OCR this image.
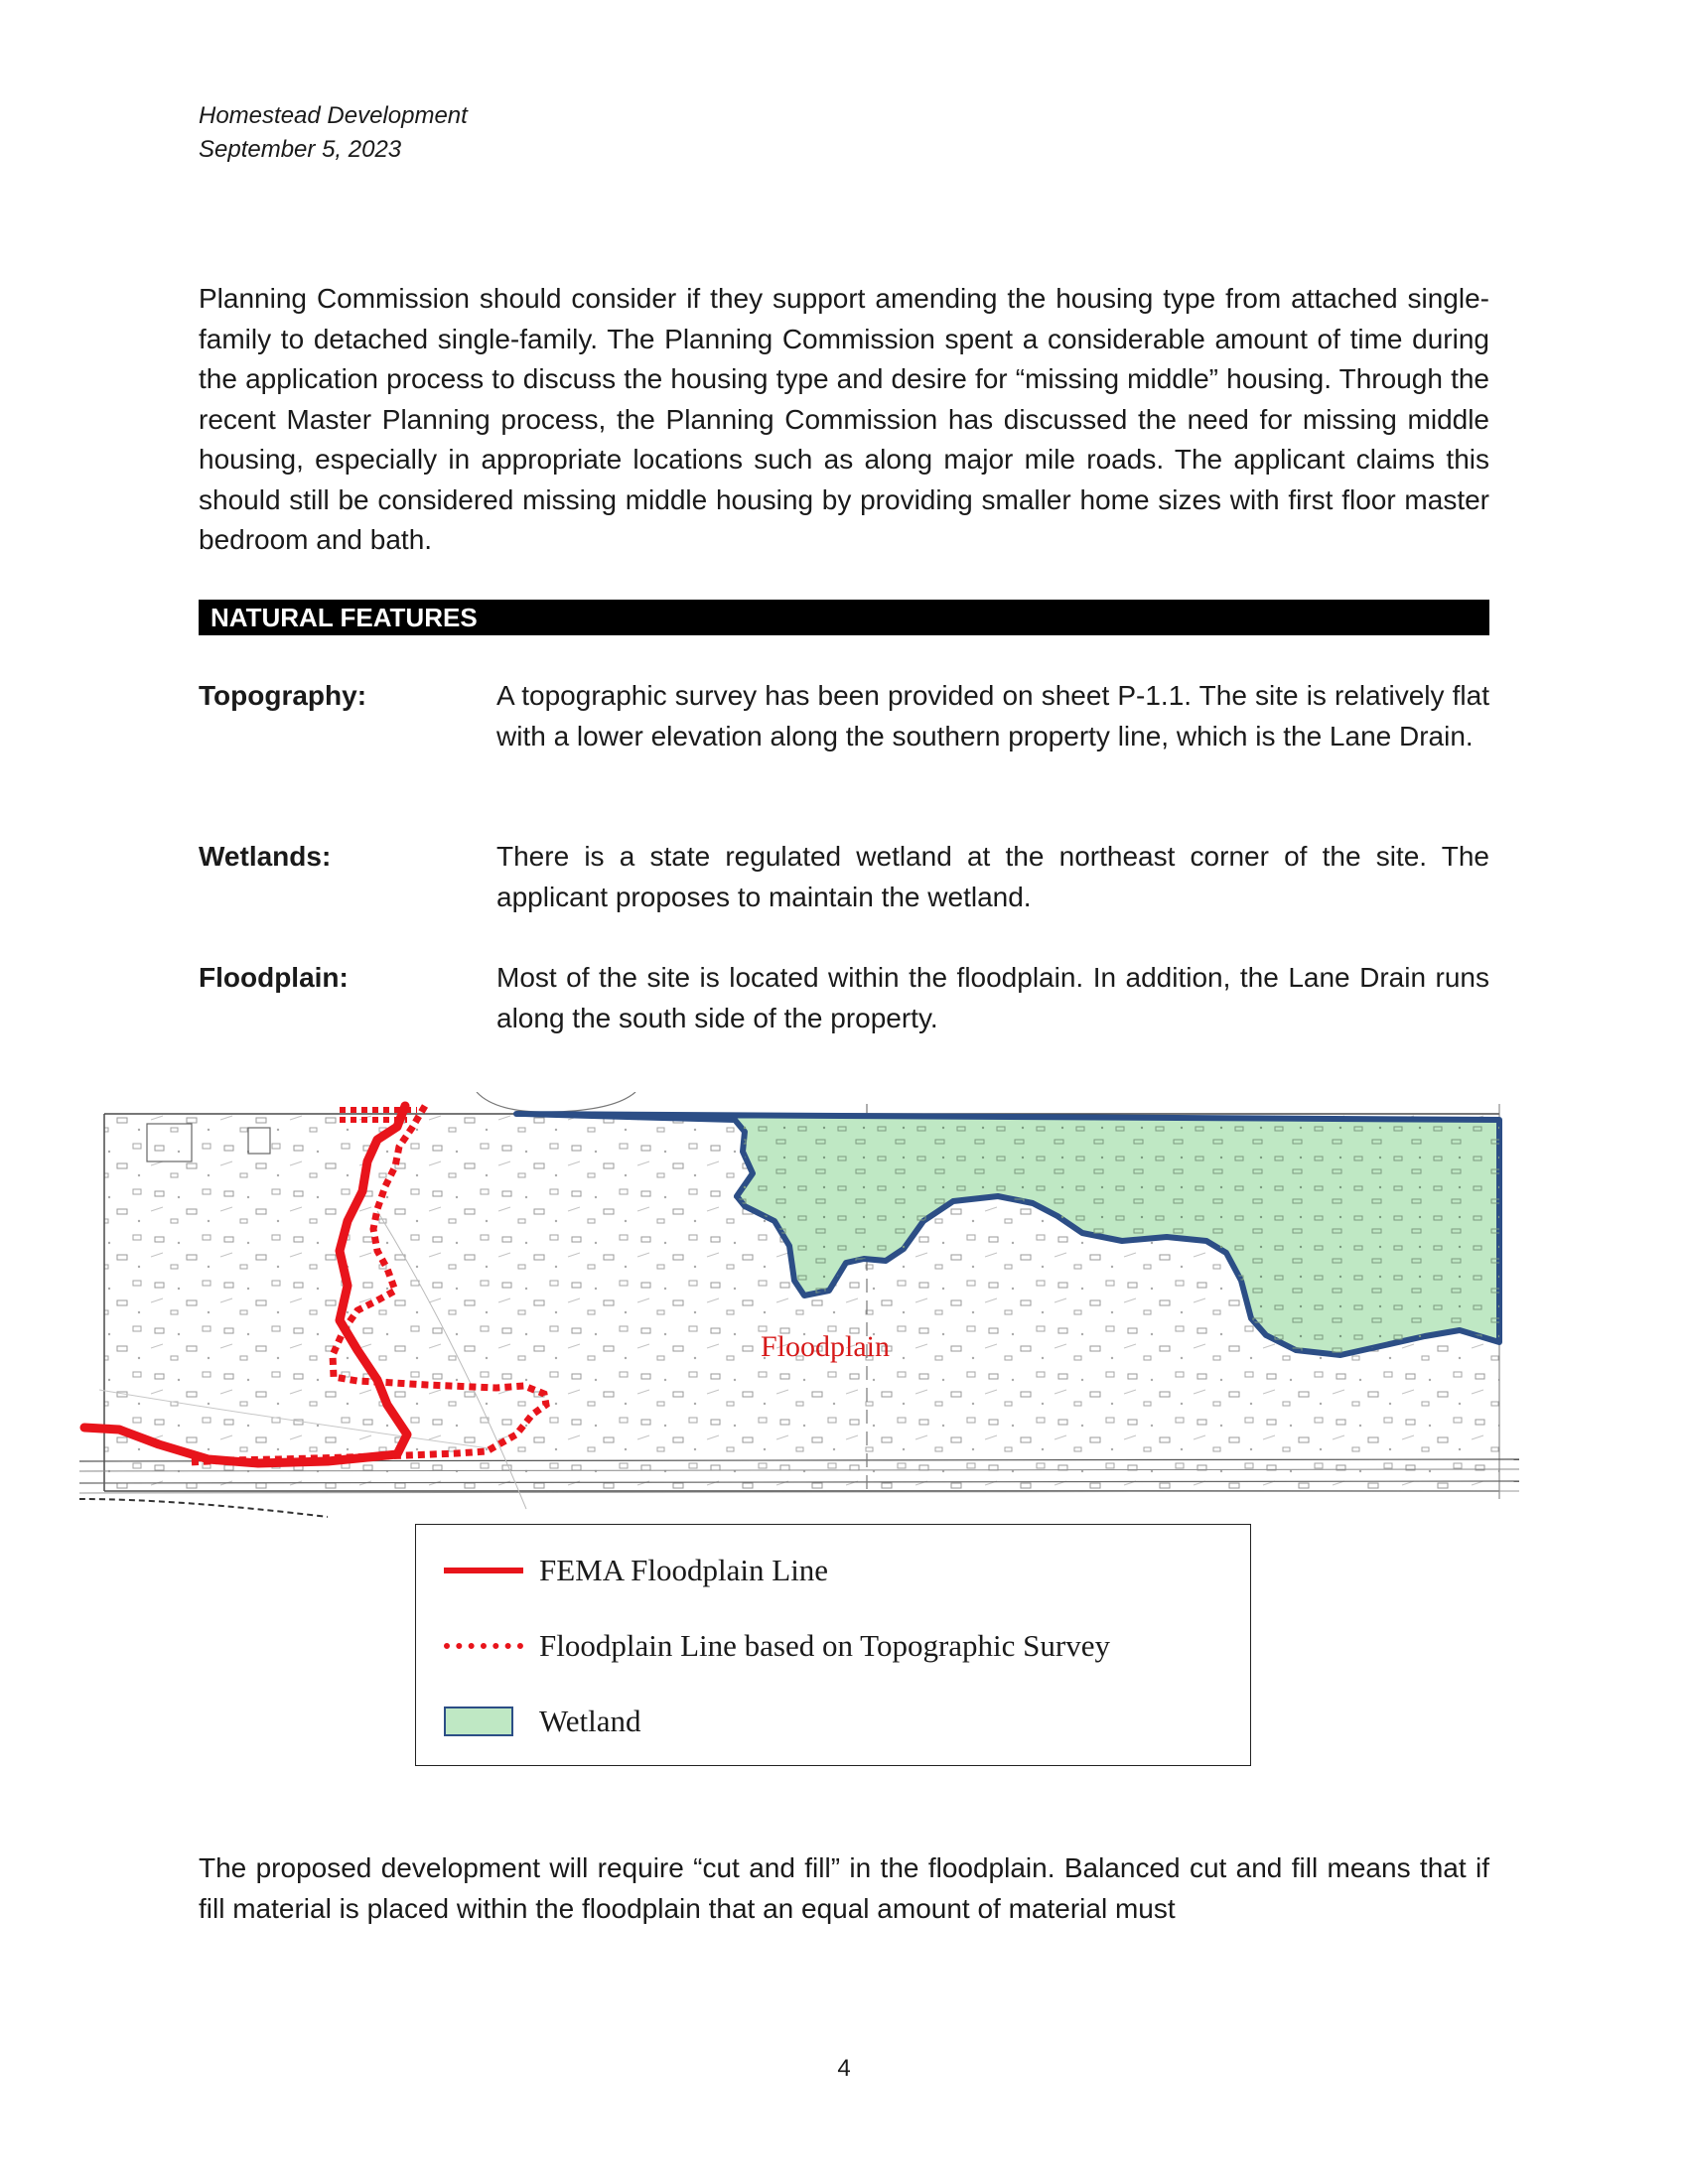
Homestead Development
September 5, 2023

Planning Commission should consider if they support amending the housing type from attached single-family to detached single-family. The Planning Commission spent a considerable amount of time during the application process to discuss the housing type and desire for “missing middle” housing. Through the recent Master Planning process, the Planning Commission has discussed the need for missing middle housing, especially in appropriate locations such as along major mile roads. The applicant claims this should still be considered missing middle housing by providing smaller home sizes with first floor master bedroom and bath.

NATURAL FEATURES
Topography:	A topographic survey has been provided on sheet P-1.1. The site is relatively flat with a lower elevation along the southern property line, which is the Lane Drain.

Wetlands:	There is a state regulated wetland at the northeast corner of the site. The applicant proposes to maintain the wetland.

Floodplain:	Most of the site is located within the floodplain. In addition, the Lane Drain runs along the south side of the property.

Floodplain
FEMA Floodplain Line
Floodplain Line based on Topographic Survey
Wetland

The proposed development will require “cut and fill” in the floodplain. Balanced cut and fill means that if fill material is placed within the floodplain that an equal amount of material must

4
